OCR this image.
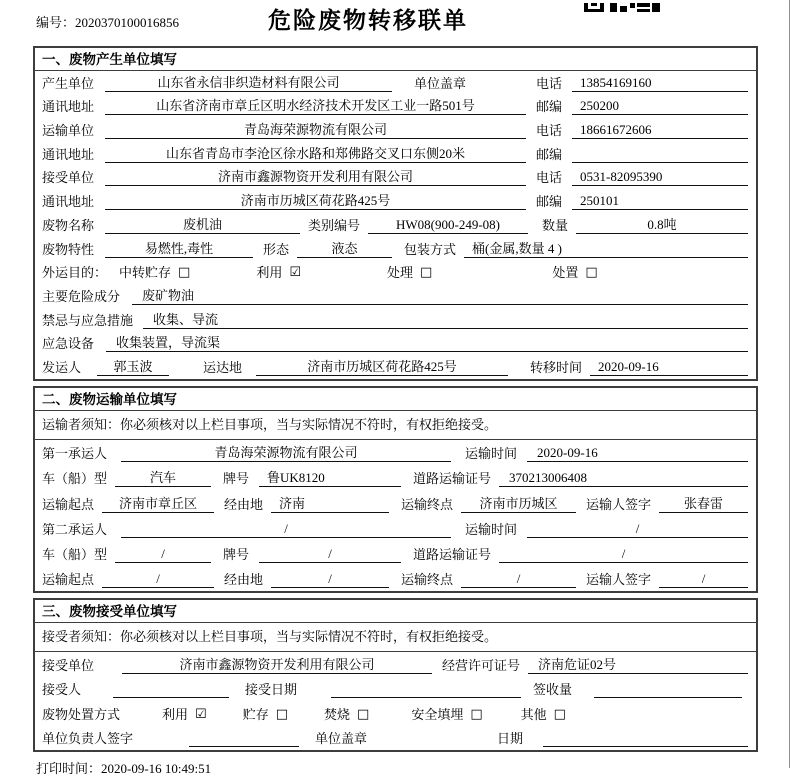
编号：2020370100016856	危险废物转移联单
一、废物产生单位填写
产生单位	山东省永信非织造材料有限公司	单位盖章	电话	13854169160
通讯地址	山东省济南市章丘区明水经济技术开发区工业一路501号	邮编	250200
运输单位	青岛海荣源物流有限公司	电话	18661672606
通讯地址	山东省青岛市李沧区徐水路和郑佛路交叉口东侧20米	邮编
接受单位	济南市鑫源物资开发利用有限公司	电话	0531-82095390
通讯地址	济南市历城区荷花路425号	邮编	250101
废物名称	废机油	类别编号	HW08(900-249-08)	数量	0.8吨
废物特性	易燃性,毒性	形态	液态	包装方式	桶(金属,数量 4 )
外运目的： 中转贮存 □	利用 ☑	处理 □	处置 □
主要危险成分	废矿物油
禁忌与应急措施	收集、导流
应急设备	收集装置，导流渠
发运人	郭玉波	运达地	济南市历城区荷花路425号	转移时间	2020-09-16
二、废物运输单位填写
运输者须知：你必须核对以上栏目事项，当与实际情况不符时，有权拒绝接受。
第一承运人	青岛海荣源物流有限公司	运输时间	2020-09-16
车（船）型	汽车	牌号	鲁UK8120	道路运输证号	370213006408
运输起点	济南市章丘区	经由地	济南	运输终点	济南市历城区	运输人签字	张春雷
第二承运人	/	运输时间	/
车（船）型	/	牌号	/	道路运输证号	/
运输起点	/	经由地	/	运输终点	/	运输人签字	/
三、废物接受单位填写
接受者须知：你必须核对以上栏目事项，当与实际情况不符时，有权拒绝接受。
接受单位	济南市鑫源物资开发利用有限公司	经营许可证号	济南危证02号
接受人	接受日期	签收量
废物处置方式	利用 ☑	贮存 □	焚烧 □	安全填埋 □	其他 □
单位负责人签字	单位盖章	日期
打印时间：2020-09-16 10:49:51
